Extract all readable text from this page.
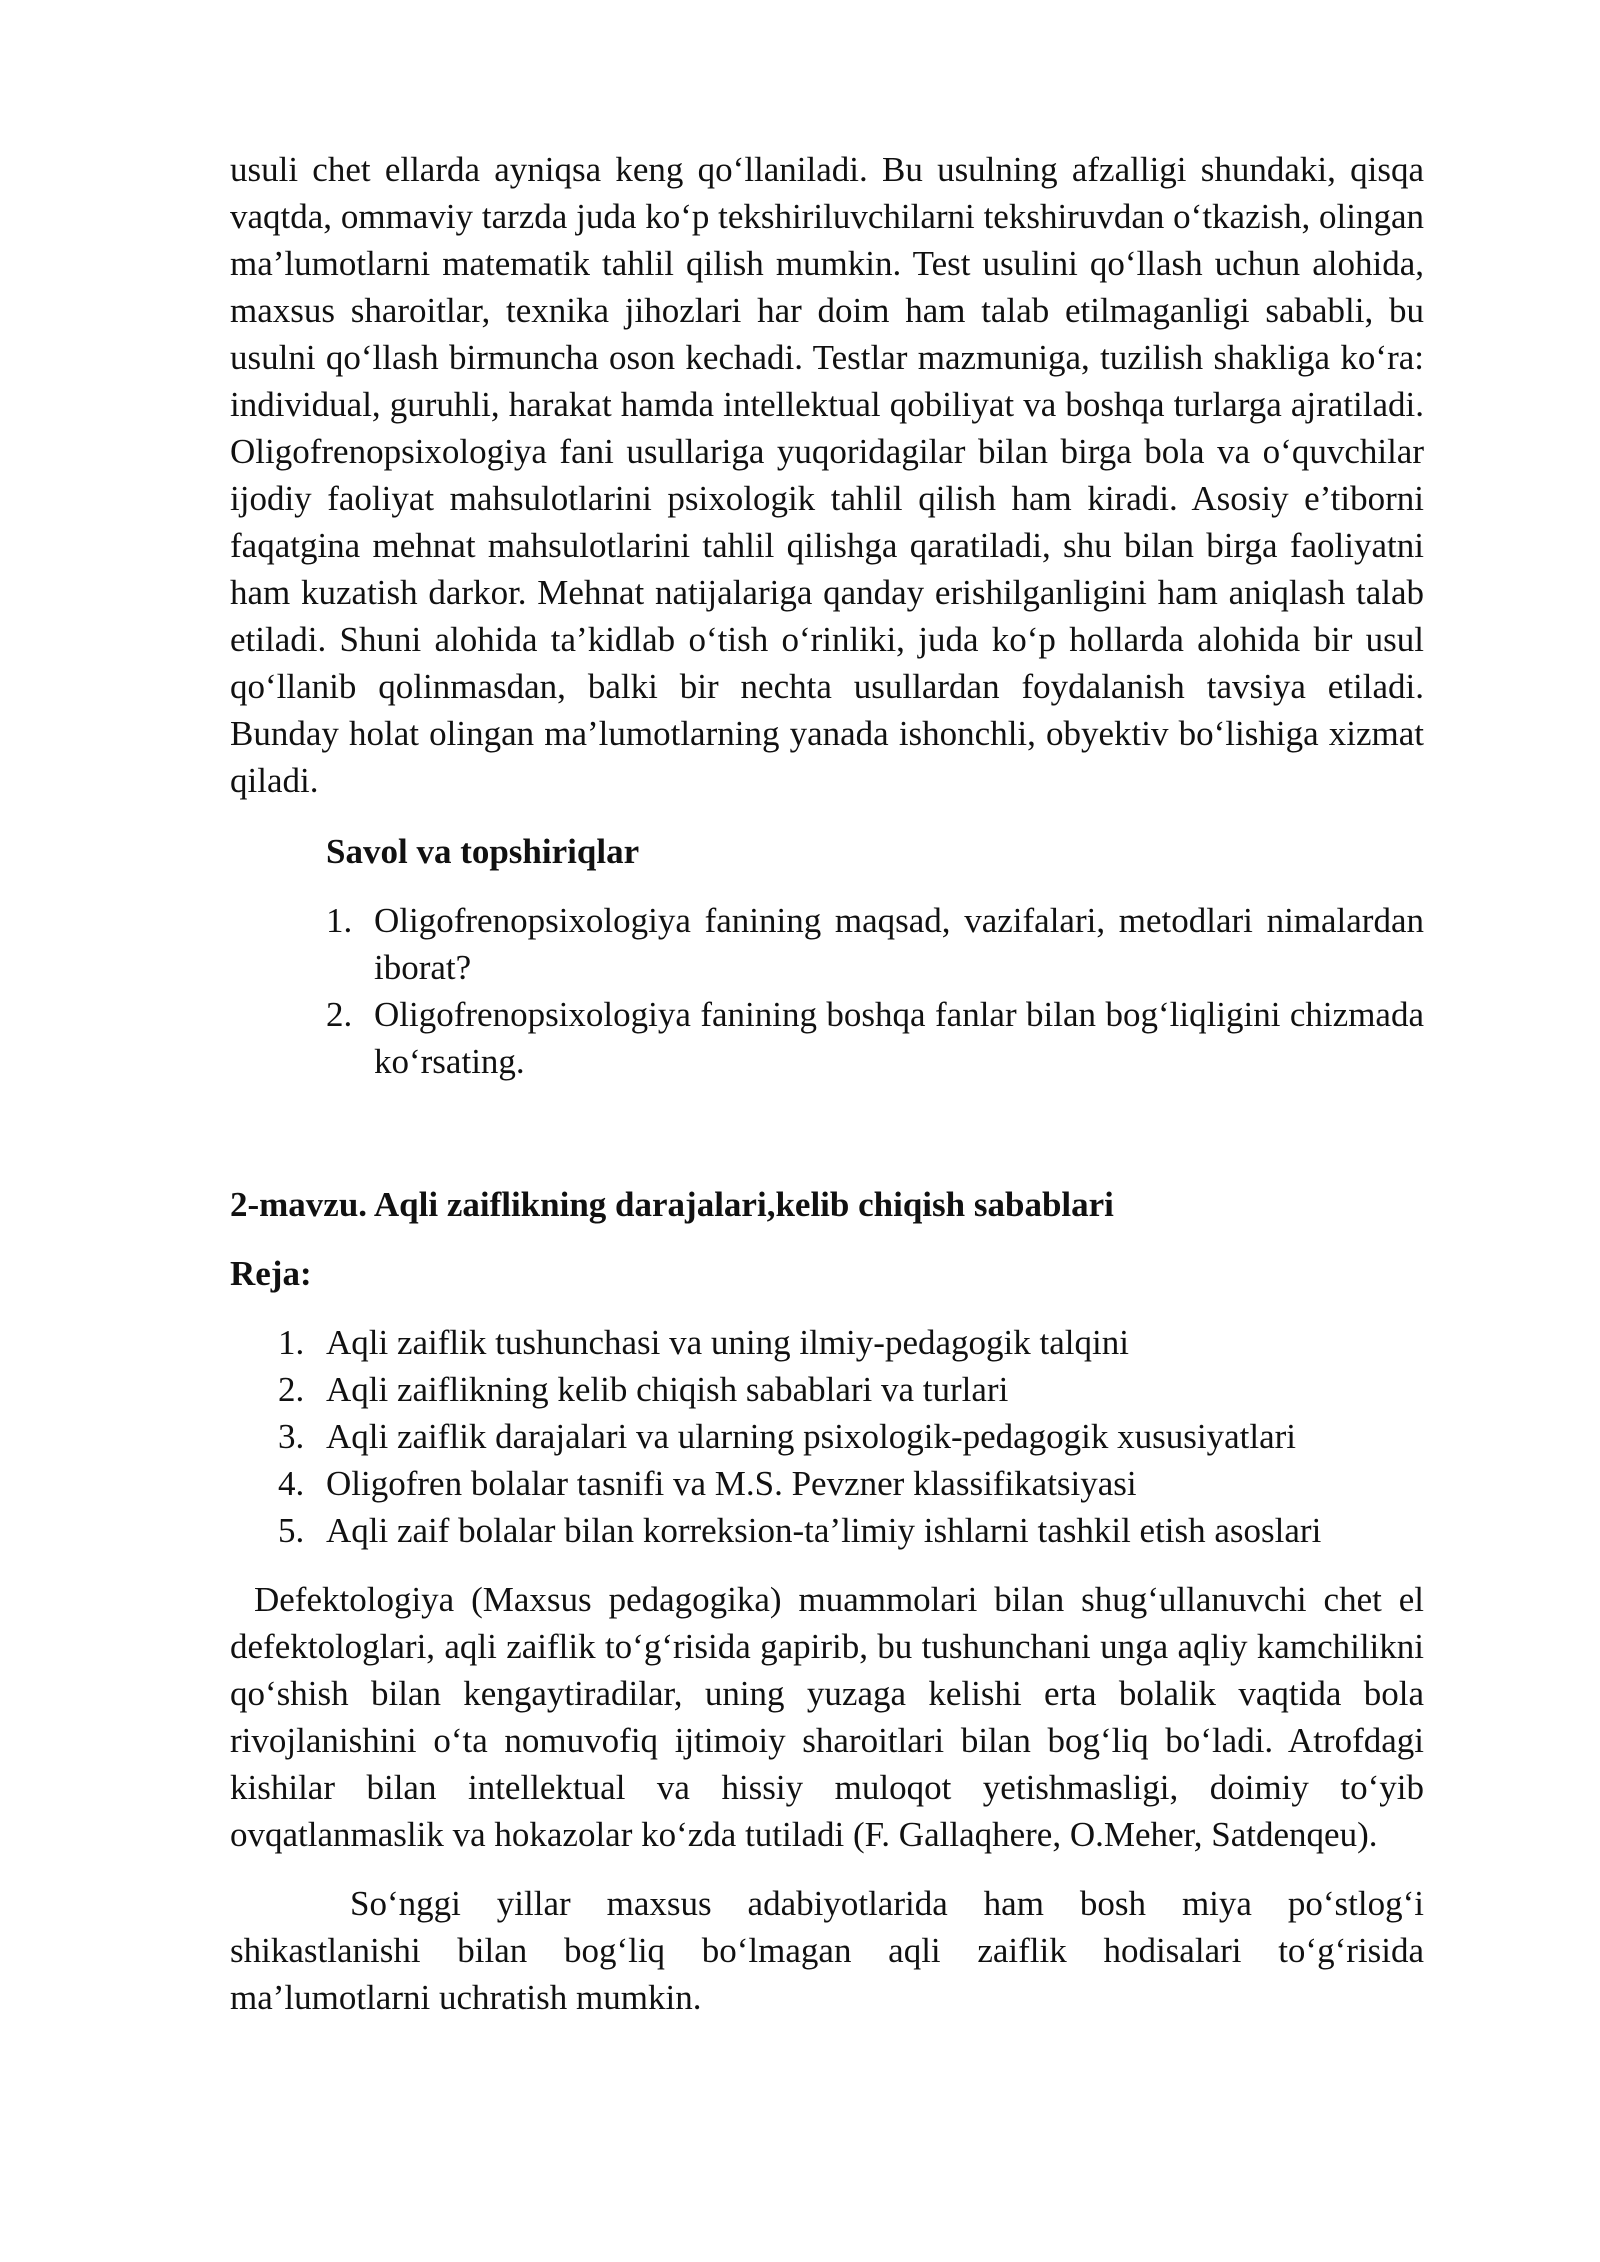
usuli chet ellarda ayniqsa keng qo‘llaniladi. Bu usulning afzalligi shundaki, qisqa vaqtda, ommaviy tarzda juda ko‘p tekshiriluvchilarni tekshiruvdan o‘tkazish, olingan ma’lumotlarni matematik tahlil qilish mumkin. Test usulini qo‘llash uchun alohida, maxsus sharoitlar, texnika jihozlari har doim ham talab etilmaganligi sababli, bu usulni qo‘llash birmuncha oson kechadi. Testlar mazmuniga, tuzilish shakliga ko‘ra: individual, guruhli, harakat hamda intellektual qobiliyat va boshqa turlarga ajratiladi. Oligofrenopsixologiya fani usullariga yuqoridagilar bilan birga bola va o‘quvchilar ijodiy faoliyat mahsulotlarini psixologik tahlil qilish ham kiradi. Asosiy e’tiborni faqatgina mehnat mahsulotlarini tahlil qilishga qaratiladi, shu bilan birga faoliyatni ham kuzatish darkor. Mehnat natijalariga qanday erishilganligini ham aniqlash talab etiladi. Shuni alohida ta’kidlab o‘tish o‘rinliki, juda ko‘p hollarda alohida bir usul qo‘llanib qolinmasdan, balki bir nechta usullardan foydalanish tavsiya etiladi. Bunday holat olingan ma’lumotlarning yanada ishonchli, obyektiv bo‘lishiga xizmat qiladi.

Savol va topshiriqlar
1. Oligofrenopsixologiya fanining maqsad, vazifalari, metodlari nimalardan iborat?
2. Oligofrenopsixologiya fanining boshqa fanlar bilan bog‘liqligini chizmada ko‘rsating.
2-mavzu. Aqli zaiflikning darajalari,kelib chiqish sabablari
Reja:
1. Aqli zaiflik tushunchasi va uning ilmiy-pedagogik talqini
2. Aqli zaiflikning kelib chiqish sabablari va turlari
3. Aqli zaiflik darajalari va ularning psixologik-pedagogik xususiyatlari
4. Oligofren bolalar tasnifi va M.S. Pevzner klassifikatsiyasi
5. Aqli zaif bolalar bilan korreksion-ta’limiy ishlarni tashkil etish asoslari

Defektologiya (Maxsus pedagogika) muammolari bilan shug‘ullanuvchi chet el defektologlari, aqli zaiflik to‘g‘risida gapirib, bu tushunchani unga aqliy kamchilikni qo‘shish bilan kengaytiradilar, uning yuzaga kelishi erta bolalik vaqtida bola rivojlanishini o‘ta nomuvofiq ijtimoiy sharoitlari bilan bog‘liq bo‘ladi. Atrofdagi kishilar bilan intellektual va hissiy muloqot yetishmasligi, doimiy to‘yib ovqatlanmaslik va hokazolar ko‘zda tutiladi (F. Gallaqhere, O.Meher, Satdenqeu).

So‘nggi yillar maxsus adabiyotlarida ham bosh miya po‘stlog‘i shikastlanishi bilan bog‘liq bo‘lmagan aqli zaiflik hodisalari to‘g‘risida ma’lumotlarni uchratish mumkin.
